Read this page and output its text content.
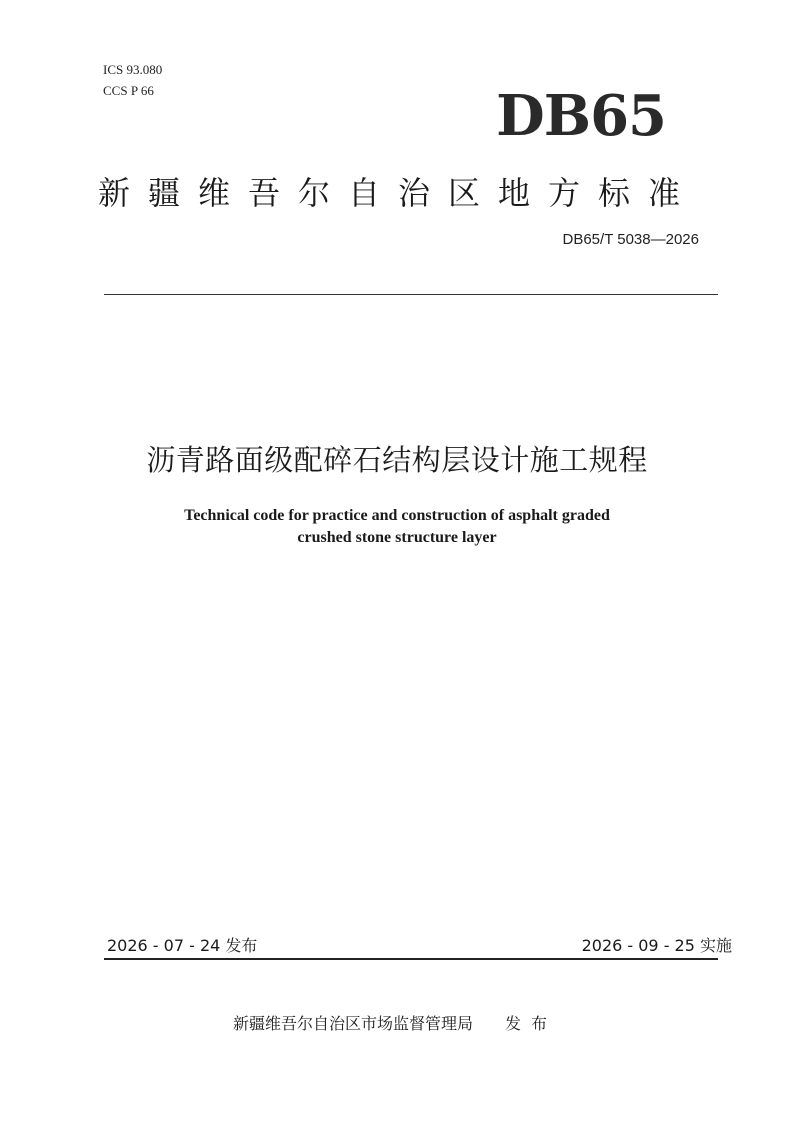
ICS 93.080
CCS P 66	DB65
新疆维吾尔自治区地方标准
DB65/T 5038—2026
沥青路面级配碎石结构层设计施工规程
Technical code for practice and construction of asphalt graded
crushed stone structure layer
2026 - 07 - 24 发布	2026 - 09 - 25 实施
新疆维吾尔自治区市场监督管理局 发布
